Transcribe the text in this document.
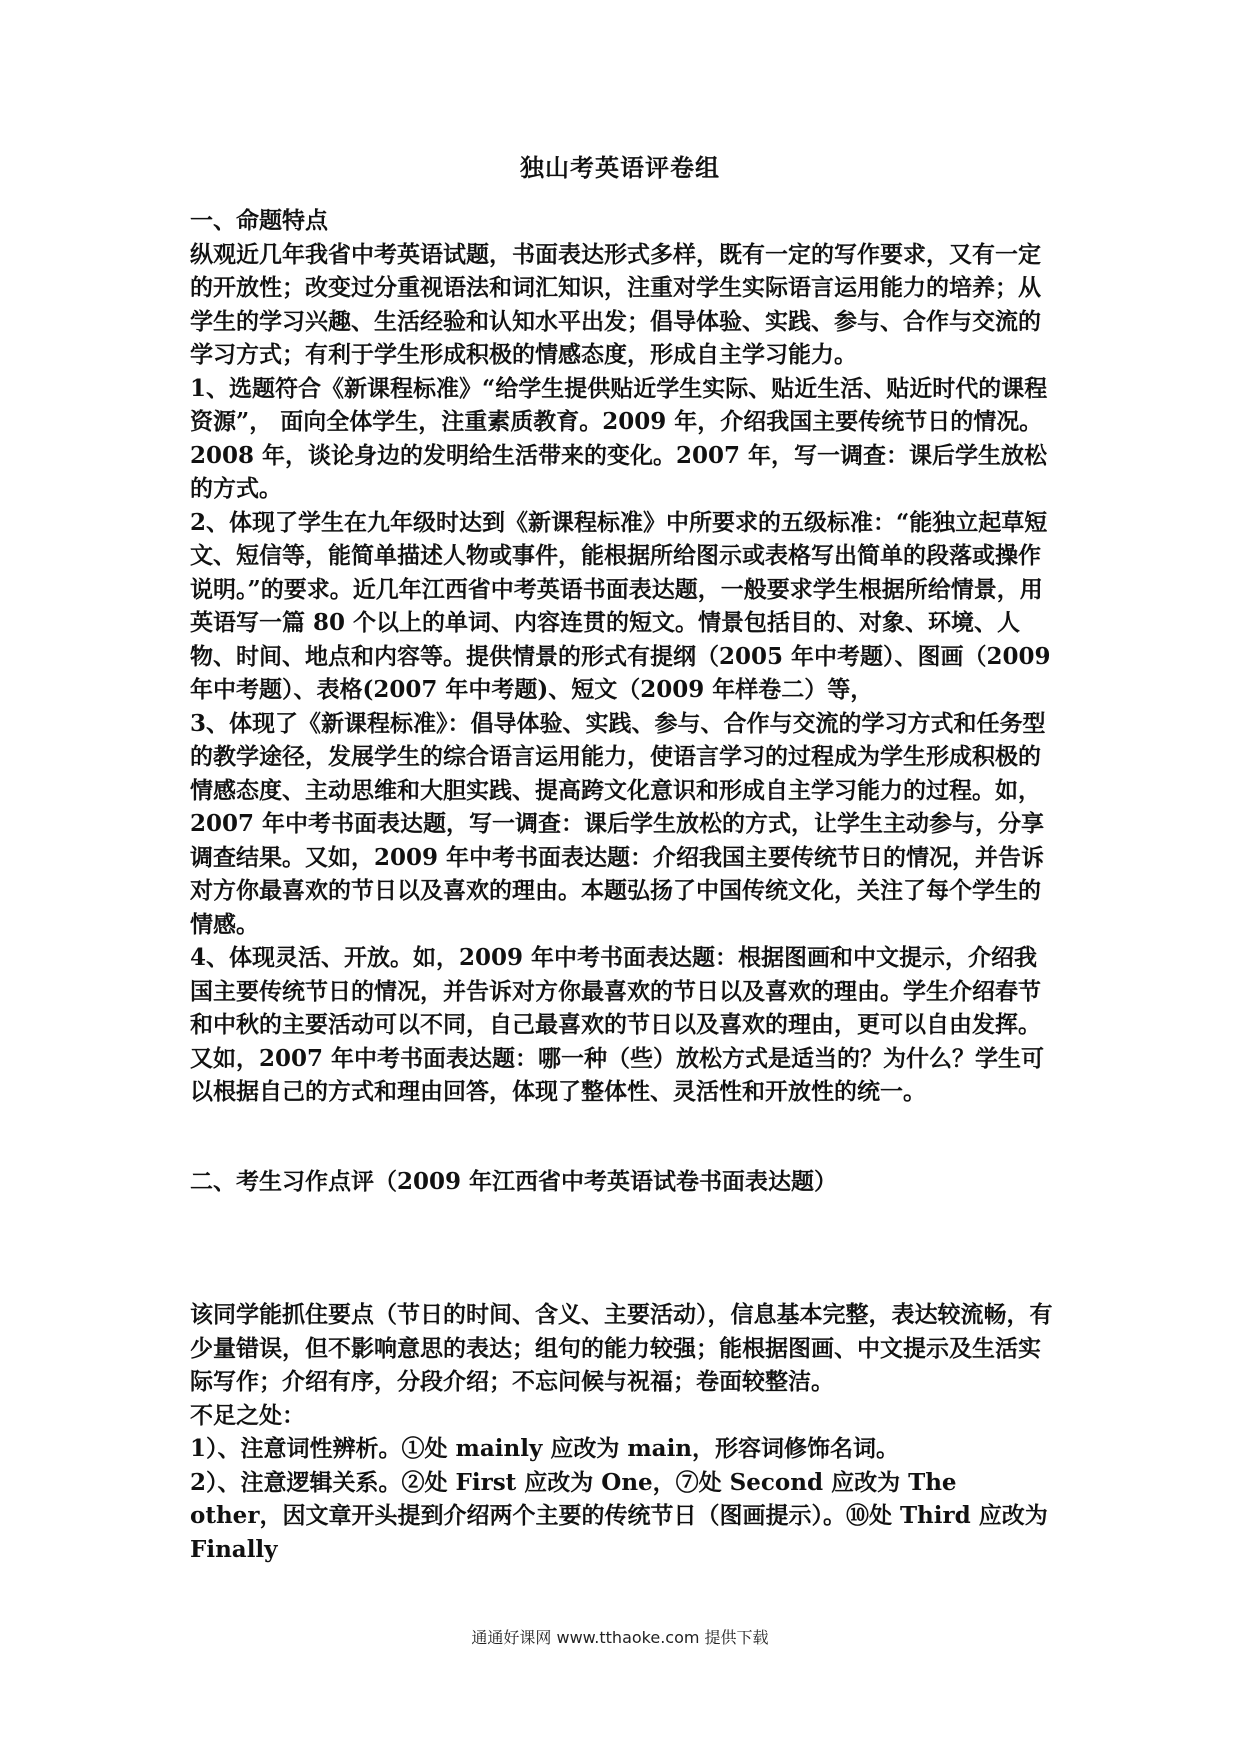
独山考英语评卷组

一、命题特点

纵观近几年我省中考英语试题，书面表达形式多样，既有一定的写作要求，又有一定的开放性；改变过分重视语法和词汇知识，注重对学生实际语言运用能力的培养；从学生的学习兴趣、生活经验和认知水平出发；倡导体验、实践、参与、合作与交流的学习方式；有利于学生形成积极的情感态度，形成自主学习能力。

1、选题符合《新课程标准》“给学生提供贴近学生实际、贴近生活、贴近时代的课程资源”， 面向全体学生，注重素质教育。2009 年，介绍我国主要传统节日的情况。2008 年，谈论身边的发明给生活带来的变化。2007 年，写一调查：课后学生放松的方式。

2、体现了学生在九年级时达到《新课程标准》中所要求的五级标准：“能独立起草短文、短信等，能简单描述人物或事件，能根据所给图示或表格写出简单的段落或操作说明。”的要求。近几年江西省中考英语书面表达题，一般要求学生根据所给情景，用英语写一篇 80 个以上的单词、内容连贯的短文。情景包括目的、对象、环境、人物、时间、地点和内容等。提供情景的形式有提纲（2005 年中考题）、图画（2009 年中考题）、表格(2007 年中考题)、短文（2009 年样卷二）等，

3、体现了《新课程标准》：倡导体验、实践、参与、合作与交流的学习方式和任务型的教学途径，发展学生的综合语言运用能力，使语言学习的过程成为学生形成积极的情感态度、主动思维和大胆实践、提高跨文化意识和形成自主学习能力的过程。如，2007 年中考书面表达题，写一调查：课后学生放松的方式，让学生主动参与，分享调查结果。又如，2009 年中考书面表达题：介绍我国主要传统节日的情况，并告诉对方你最喜欢的节日以及喜欢的理由。本题弘扬了中国传统文化，关注了每个学生的情感。

4、体现灵活、开放。如，2009 年中考书面表达题：根据图画和中文提示，介绍我国主要传统节日的情况，并告诉对方你最喜欢的节日以及喜欢的理由。学生介绍春节和中秋的主要活动可以不同，自己最喜欢的节日以及喜欢的理由，更可以自由发挥。又如，2007 年中考书面表达题：哪一种（些）放松方式是适当的？为什么？学生可以根据自己的方式和理由回答，体现了整体性、灵活性和开放性的统一。

二、考生习作点评（2009 年江西省中考英语试卷书面表达题）

该同学能抓住要点（节日的时间、含义、主要活动），信息基本完整，表达较流畅，有少量错误，但不影响意思的表达；组句的能力较强；能根据图画、中文提示及生活实际写作；介绍有序，分段介绍；不忘问候与祝福；卷面较整洁。

不足之处：

1）、注意词性辨析。①处 mainly 应改为 main，形容词修饰名词。

2）、注意逻辑关系。②处 First 应改为 One，⑦处 Second 应改为 The other，因文章开头提到介绍两个主要的传统节日（图画提示）。⑩处 Third 应改为 Finally

通通好课网 www.tthaoke.com 提供下载
